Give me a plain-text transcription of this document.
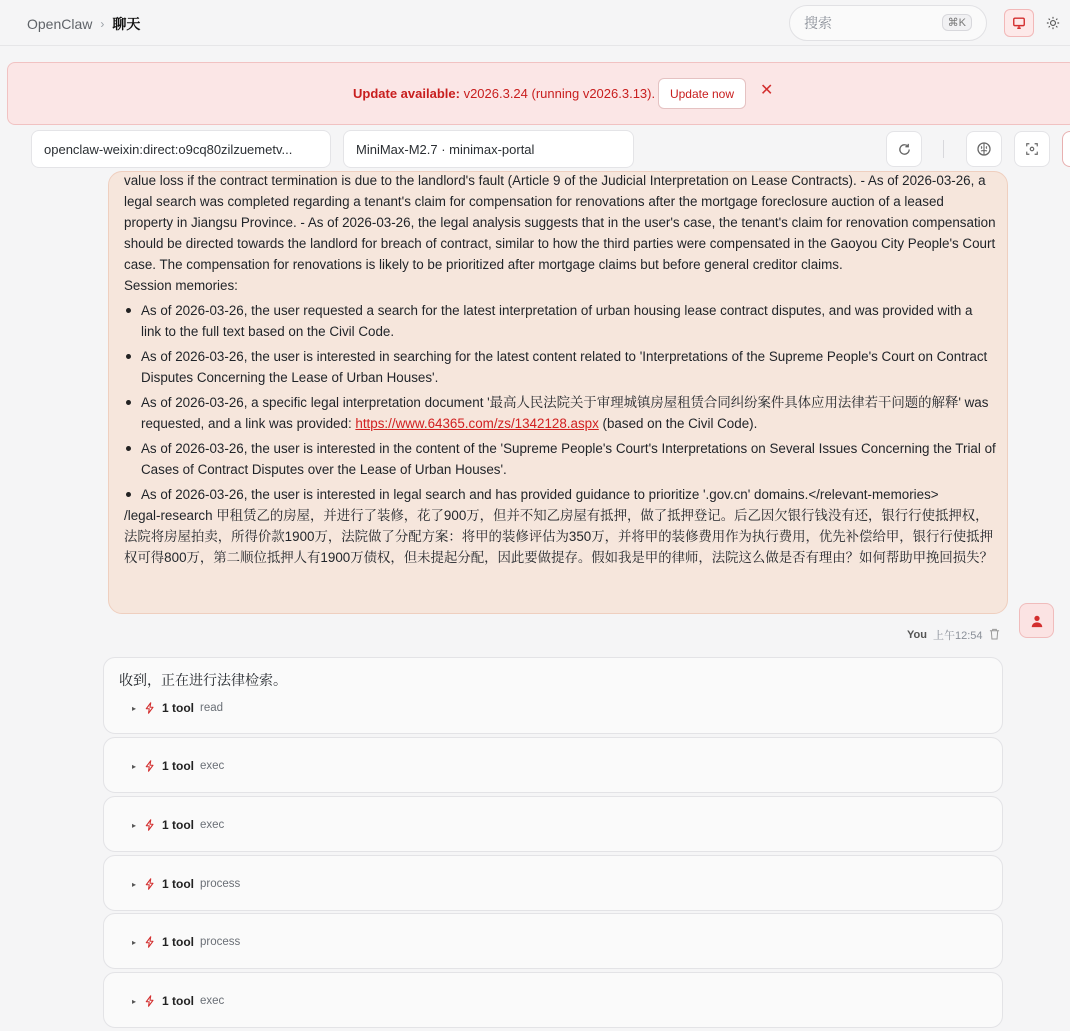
OpenClaw › 聊天	搜索	⌘K
Update available: v2026.3.24 (running v2026.3.13).	Update now	✕
openclaw-weixin:direct:o9cq80zilzuemetv...	MiniMax-M2.7 · minimax-portal
value loss if the contract termination is due to the landlord's fault (Article 9 of the Judicial Interpretation on Lease Contracts). - As of 2026-03-26, a legal search was completed regarding a tenant's claim for compensation for renovations after the mortgage foreclosure auction of a leased property in Jiangsu Province. - As of 2026-03-26, the legal analysis suggests that in the user's case, the tenant's claim for renovation compensation should be directed towards the landlord for breach of contract, similar to how the third parties were compensated in the Gaoyou City People's Court case. The compensation for renovations is likely to be prioritized after mortgage claims but before general creditor claims.
Session memories:
As of 2026-03-26, the user requested a search for the latest interpretation of urban housing lease contract disputes, and was provided with a link to the full text based on the Civil Code.
As of 2026-03-26, the user is interested in searching for the latest content related to 'Interpretations of the Supreme People's Court on Contract Disputes Concerning the Lease of Urban Houses'.
As of 2026-03-26, a specific legal interpretation document '最高人民法院关于审理城镇房屋租赁合同纠纷案件具体应用法律若干问题的解释' was requested, and a link was provided: https://www.64365.com/zs/1342128.aspx (based on the Civil Code).
As of 2026-03-26, the user is interested in the content of the 'Supreme People's Court's Interpretations on Several Issues Concerning the Trial of Cases of Contract Disputes over the Lease of Urban Houses'.
As of 2026-03-26, the user is interested in legal search and has provided guidance to prioritize '.gov.cn' domains.</relevant-memories>
/legal-research 甲租赁乙的房屋，并进行了装修，花了900万，但并不知乙房屋有抵押，做了抵押登记。后乙因欠银行钱没有还，银行行使抵押权，法院将房屋拍卖，所得价款1900万，法院做了分配方案：将甲的装修评估为350万，并将甲的装修费用作为执行费用，优先补偿给甲，银行行使抵押权可得800万，第二顺位抵押人有1900万债权，但未提起分配，因此要做提存。假如我是甲的律师，法院这么做是否有理由？如何帮助甲挽回损失？
You 上午12:54
收到，正在进行法律检索。
▸ 1 tool read
▸ 1 tool exec
▸ 1 tool exec
▸ 1 tool process
▸ 1 tool process
▸ 1 tool exec
